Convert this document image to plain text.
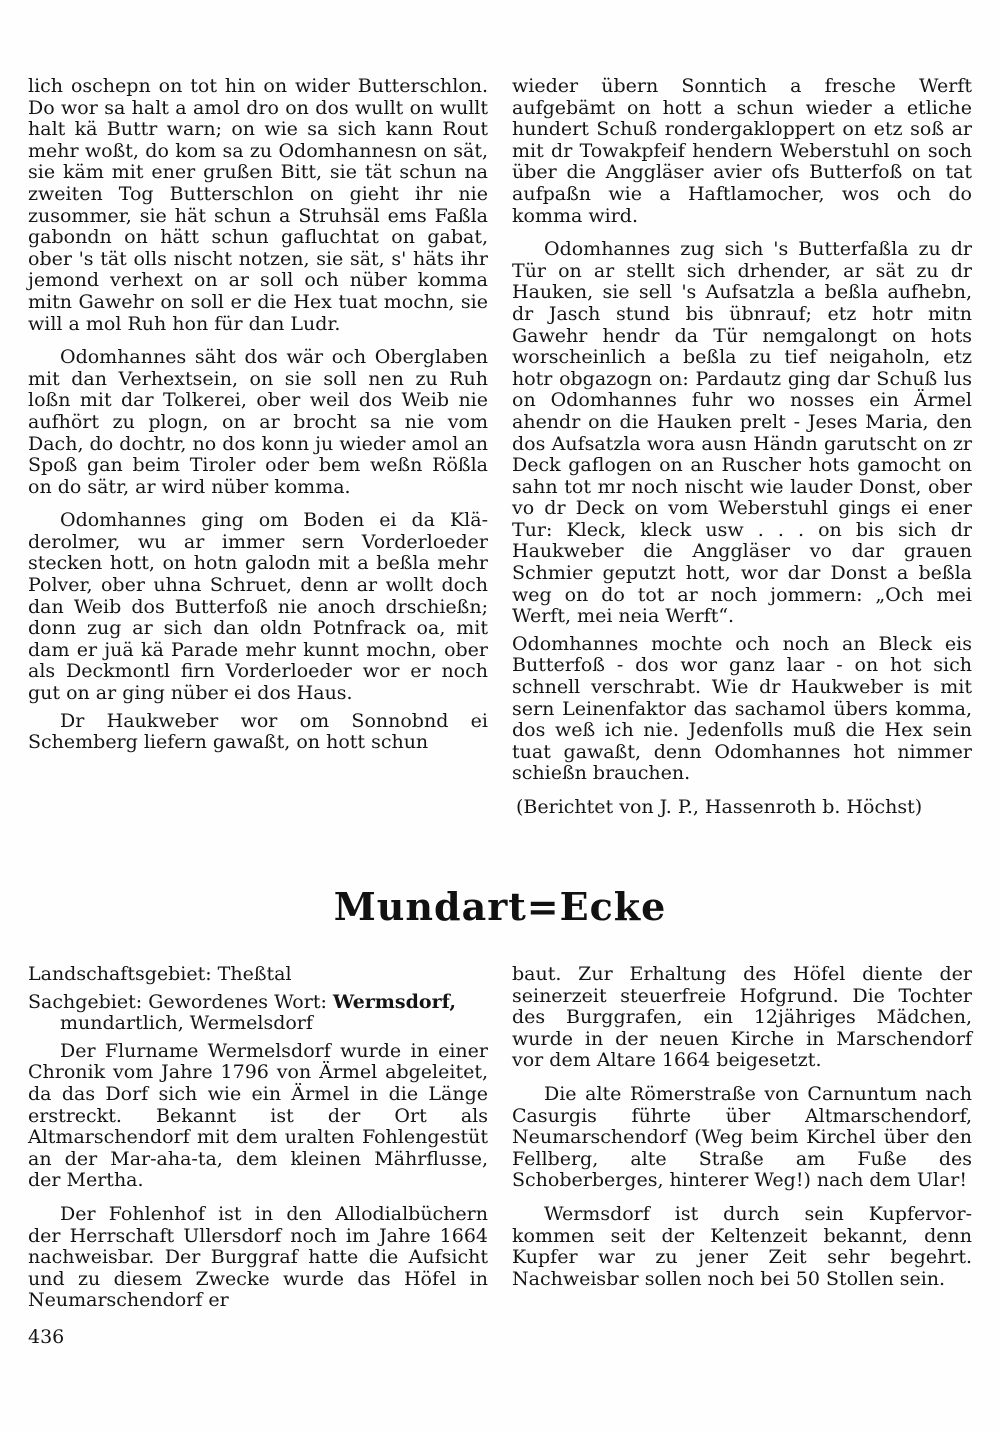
lich oschepn on tot hin on wider Butterschlon. Do wor sa halt a amol dro on dos wullt on wullt halt kä Buttr warn; on wie sa sich kann Rout mehr woßt, do kom sa zu Odomhannesn on sät, sie käm mit ener grußen Bitt, sie tät schun na zweiten Tog Butterschlon on gieht ihr nie zusommer, sie hät schun a Struhsäl ems Faßla gabondn on hätt schun gafluchtat on gabat, ober 's tät olls nischt notzen, sie sät, s' häts ihr jemond verhext on ar soll och nüber komma mitn Gawehr on soll er die Hex tuat mochn, sie will a mol Ruh hon für dan Ludr.

Odomhannes säht dos wär och Oberglaben mit dan Verhextsein, on sie soll nen zu Ruh loßn mit dar Tolkerei, ober weil dos Weib nie aufhört zu plogn, on ar brocht sa nie vom Dach, do dochtr, no dos konn ju wieder amol an Spoß gan beim Tiroler oder bem weßn Rößla on do sätr, ar wird nüber komma.

Odomhannes ging om Boden ei da Kläderolmer, wu ar immer sern Vorderloeder stecken hott, on hotn galodn mit a beßla mehr Polver, ober uhna Schruet, denn ar wollt doch dan Weib dos Butterfoß nie anoch drschießn; donn zug ar sich dan oldn Potnfrack oa, mit dam er juä kä Parade mehr kunnt mochn, ober als Deckmontl firn Vorderloeder wor er noch gut on ar ging nüber ei dos Haus.

Dr Haukweber wor om Sonnobnd ei Schemberg liefern gawaßt, on hott schun

wieder übern Sonntich a fresche Werft aufgebämt on hott a schun wieder a etliche hundert Schuß rondergakloppert on etz soß ar mit dr Towakpfeif hendern Weberstuhl on soch über die Anggläser avier ofs Butterfoß on tat aufpaßn wie a Haftlamocher, wos och do komma wird.

Odomhannes zug sich 's Butterfaßla zu dr Tür on ar stellt sich drhender, ar sät zu dr Hauken, sie sell 's Aufsatzla a beßla aufhebn, dr Jasch stund bis übnrauf; etz hotr mitn Gawehr hendr da Tür nemgalongt on hots worscheinlich a beßla zu tief neigaholn, etz hotr obgazogn on: Pardautz ging dar Schuß lus on Odomhannes fuhr wo nosses ein Ärmel ahendr on die Hauken prelt - Jeses Maria, den dos Aufsatzla wora ausn Händn garutscht on zr Deck gaflogen on an Ruscher hots gamocht on sahn tot mr noch nischt wie lauder Donst, ober vo dr Deck on vom Weberstuhl gings ei ener Tur: Kleck, kleck usw . . . on bis sich dr Haukweber die Anggläser vo dar grauen Schmier geputzt hott, wor dar Donst a beßla weg on do tot ar noch jommern: „Och mei Werft, mei neia Werft“.

Odomhannes mochte och noch an Bleck eis Butterfoß - dos wor ganz laar - on hot sich schnell verschrabt. Wie dr Haukweber is mit sern Leinenfaktor das sachamol übers komma, dos weß ich nie. Jedenfolls muß die Hex sein tuat gawaßt, denn Odomhannes hot nimmer schießn brauchen.

(Berichtet von J. P., Hassenroth b. Höchst)

Mundart=Ecke

Landschaftsgebiet: Theßtal

Sachgebiet: Gewordenes Wort: Wermsdorf, mundartlich, Wermelsdorf

Der Flurname Wermelsdorf wurde in einer Chronik vom Jahre 1796 von Ärmel abgeleitet, da das Dorf sich wie ein Ärmel in die Länge erstreckt. Bekannt ist der Ort als Altmarschendorf mit dem uralten Fohlengestüt an der Mar-aha-ta, dem kleinen Mährflusse, der Mertha.

Der Fohlenhof ist in den Allodialbüchern der Herrschaft Ullersdorf noch im Jahre 1664 nachweisbar. Der Burggraf hatte die Aufsicht und zu diesem Zwecke wurde das Höfel in Neumarschendorf er

baut. Zur Erhaltung des Höfel diente der seinerzeit steuerfreie Hofgrund. Die Tochter des Burggrafen, ein 12jähriges Mädchen, wurde in der neuen Kirche in Marschendorf vor dem Altare 1664 beigesetzt.

Die alte Römerstraße von Carnuntum nach Casurgis führte über Altmarschendorf, Neumarschendorf (Weg beim Kirchel über den Fellberg, alte Straße am Fuße des Schoberberges, hinterer Weg!) nach dem Ular!

Wermsdorf ist durch sein Kupfervorkommen seit der Keltenzeit bekannt, denn Kupfer war zu jener Zeit sehr begehrt. Nachweisbar sollen noch bei 50 Stollen sein.

436
